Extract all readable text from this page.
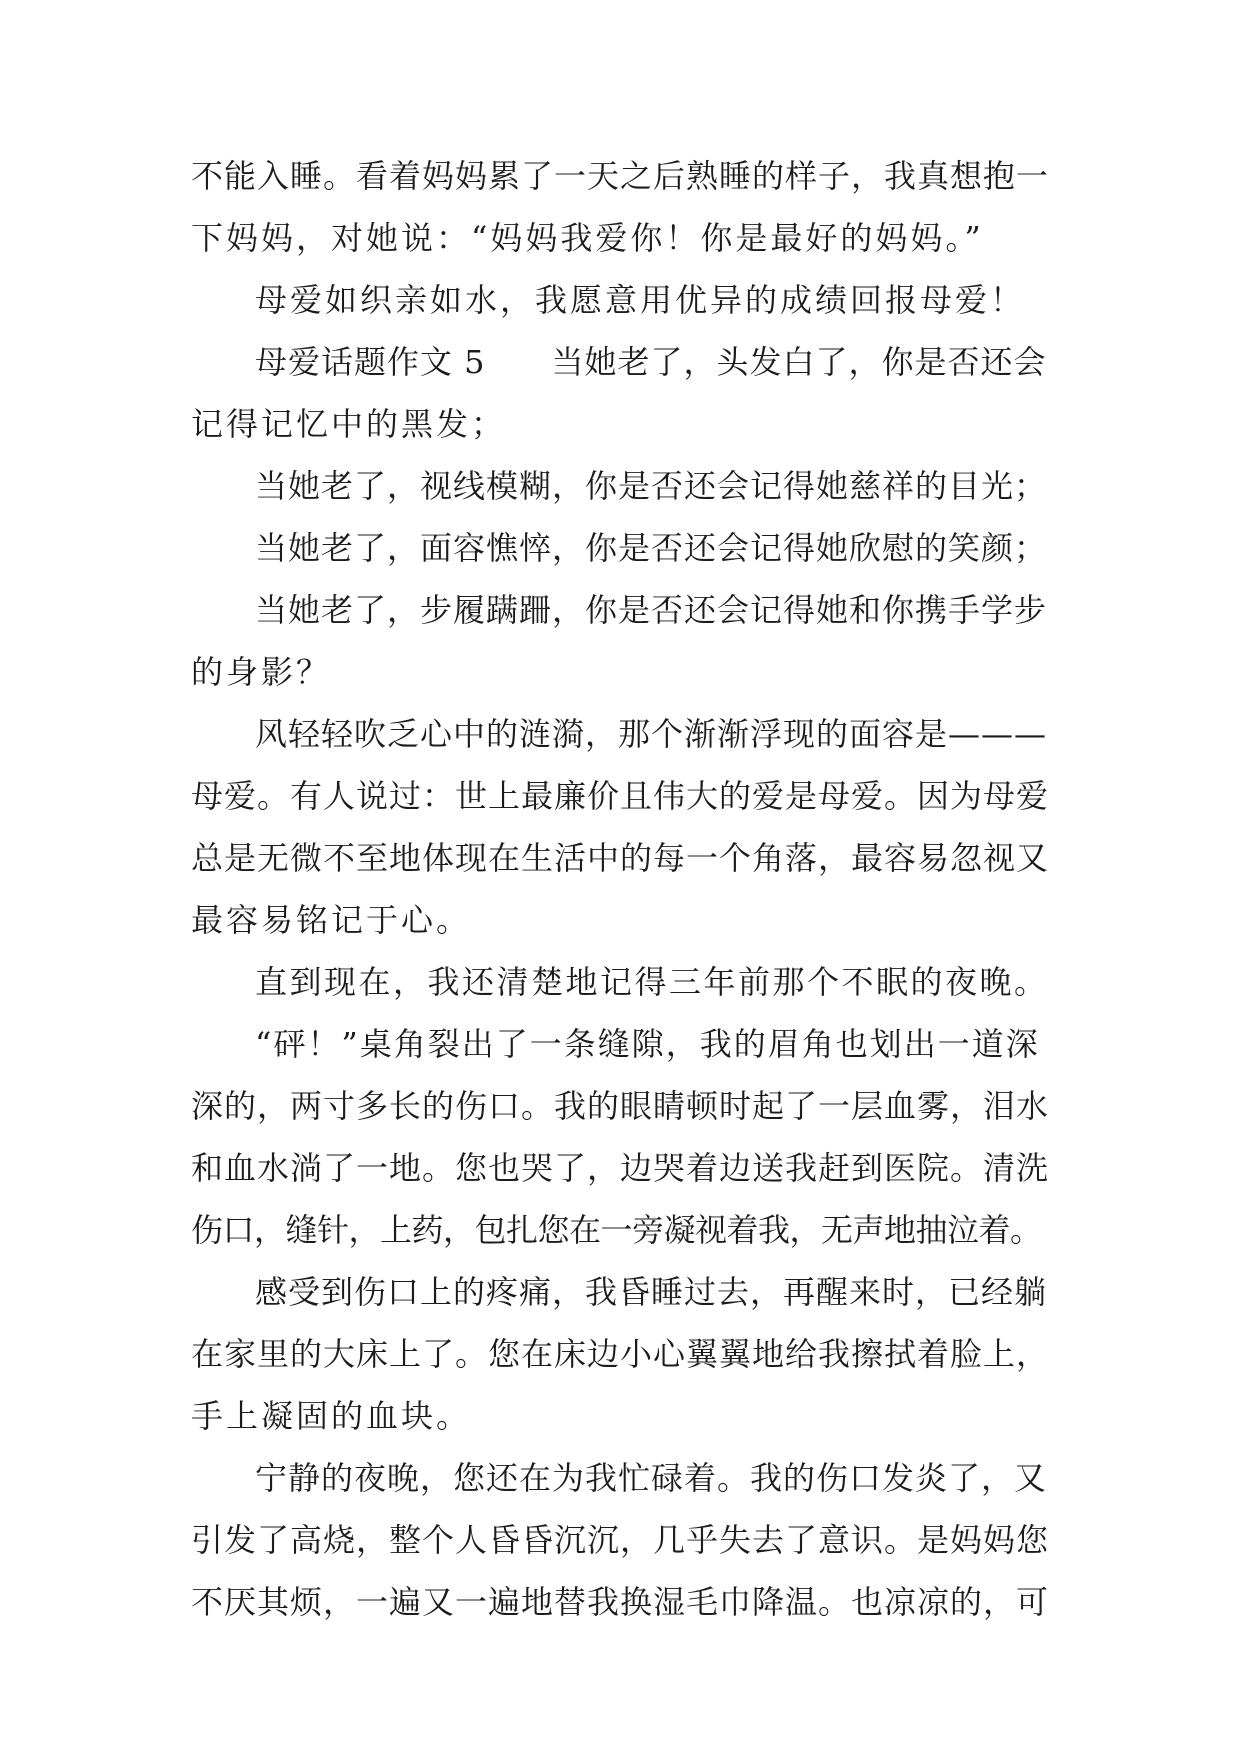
不能入睡。看着妈妈累了一天之后熟睡的样子，我真想抱一

下妈妈，对她说：“妈妈我爱你！你是最好的妈妈。”

母爱如织亲如水，我愿意用优异的成绩回报母爱！

母爱话题作文 5　　当她老了，头发白了，你是否还会

记得记忆中的黑发；

当她老了，视线模糊，你是否还会记得她慈祥的目光；

当她老了，面容憔悴，你是否还会记得她欣慰的笑颜；

当她老了，步履蹒跚，你是否还会记得她和你携手学步

的身影？

风轻轻吹乏心中的涟漪，那个渐渐浮现的面容是———

母爱。有人说过：世上最廉价且伟大的爱是母爱。因为母爱

总是无微不至地体现在生活中的每一个角落，最容易忽视又

最容易铭记于心。

直到现在，我还清楚地记得三年前那个不眠的夜晚。

“砰！”桌角裂出了一条缝隙，我的眉角也划出一道深

深的，两寸多长的伤口。我的眼睛顿时起了一层血雾，泪水

和血水淌了一地。您也哭了，边哭着边送我赶到医院。清洗

伤口，缝针，上药，包扎您在一旁凝视着我，无声地抽泣着。

感受到伤口上的疼痛，我昏睡过去，再醒来时，已经躺

在家里的大床上了。您在床边小心翼翼地给我擦拭着脸上，

手上凝固的血块。

宁静的夜晚，您还在为我忙碌着。我的伤口发炎了，又

引发了高烧，整个人昏昏沉沉，几乎失去了意识。是妈妈您

不厌其烦，一遍又一遍地替我换湿毛巾降温。也凉凉的，可
